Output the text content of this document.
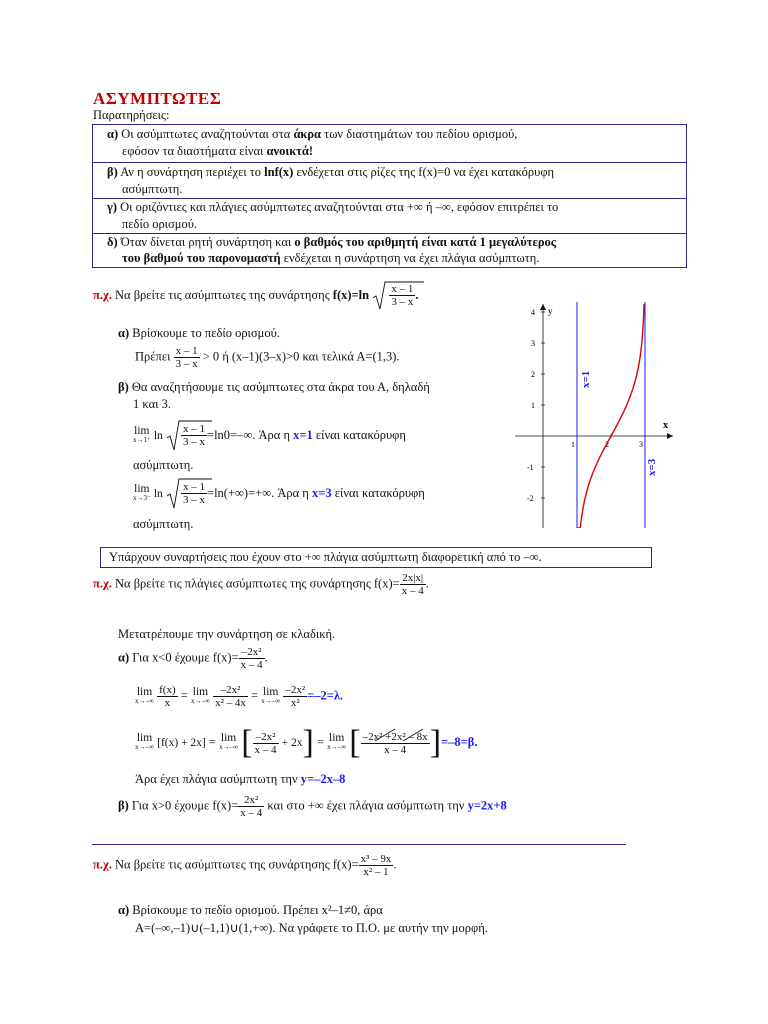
ΑΣΥΜΠΤΩΤΕΣ
Παρατηρήσεις:
α) Οι ασύμπτωτες αναζητούνται στα άκρα των διαστημάτων του πεδίου ορισμού,
εφόσον τα διαστήματα είναι ανοικτά!
β) Αν η συνάρτηση περιέχει το lnf(x) ενδέχεται στις ρίζες της f(x)=0 να έχει κατακόρυφη
ασύμπτωτη.
γ) Οι οριζόντιες και πλάγιες ασύμπτωτες αναζητούνται στα +∞ ή –∞, εφόσον επιτρέπει το
πεδίο ορισμού.
δ) Όταν δίνεται ρητή συνάρτηση και ο βαθμός του αριθμητή είναι κατά 1 μεγαλύτερος
του βαθμού του παρονομαστή ενδέχεται η συνάρτηση να έχει πλάγια ασύμπτωτη.
π.χ. Να βρείτε τις ασύμπτωτες της συνάρτησης $f(x)=\ln \frac{x - 1}{3 - x}$ .
α) Βρίσκουμε το πεδίο ορισμού.
Πρέπει $\frac{x - 1}{3 - x} > 0$ ή (x–1)(3–x)>0 και τελικά Α=(1,3).
β) Θα αναζητήσουμε τις ασύμπτωτες στα άκρα του Α, δηλαδή
1 και 3.
lim
x→1⁺ $\ln \frac{x - 1}{3 - x} =\ln 0=-\infty$. Άρα η x=1 είναι κατακόρυφη
ασύμπτωτη.
lim
x→3⁻ $\ln \frac{x - 1}{3 - x} =\ln(+\infty)=+\infty$. Άρα η x=3 είναι κατακόρυφη
ασύμπτωτη.
x
y
1	2	3
4
3
2
1
-1
-2
x=1
x=3
Υπάρχουν συναρτήσεις που έχουν στο +∞ πλάγια ασύμπτωτη διαφορετική από το –∞.
π.χ. Να βρείτε τις πλάγιες ασύμπτωτες της συνάρτησης $f(x)= \frac{2x|x|}{x - 4}$ .
Μετατρέπουμε την συνάρτηση σε κλαδική.
α) Για x<0 έχουμε $f(x)= \frac{\text{–2x²}}{x - 4}$ .
lim
x→–∞
$\frac{f(x)}{x} = \lim$
x→–∞
$\frac{\text{–2x²}}{\text{x² – 4x}} = \lim$
x→–∞
$\frac{\text{–2x²}}{\text{x²}} =-2=\lambda$.
lim
x→–∞ [f(x) + 2x] = lim
x→–∞ [ $\frac{\text{–2x²}}{x - 4} + 2x] = \lim$
x→–∞ [ $\frac{\text{–2x² +2x² – 8x}}{x - 4} ]=-8=\beta$.
Άρα έχει πλάγια ασύμπτωτη την y=–2x–8
β) Για x>0 έχουμε $f(x)= \frac{\text{2x²}}{x - 4}$ και στο +∞ έχει πλάγια ασύμπτωτη την y=2x+8
π.χ. Να βρείτε τις ασύμπτωτες της συνάρτησης $f(x)= \frac{\text{x³ – 9x}}{\text{x² – 1}}$ .
α) Βρίσκουμε το πεδίο ορισμού. Πρέπει x²–1≠0, άρα
Α=(–∞,–1)∪(–1,1)∪(1,+∞). Να γράφετε το Π.Ο. με αυτήν την μορφή.
